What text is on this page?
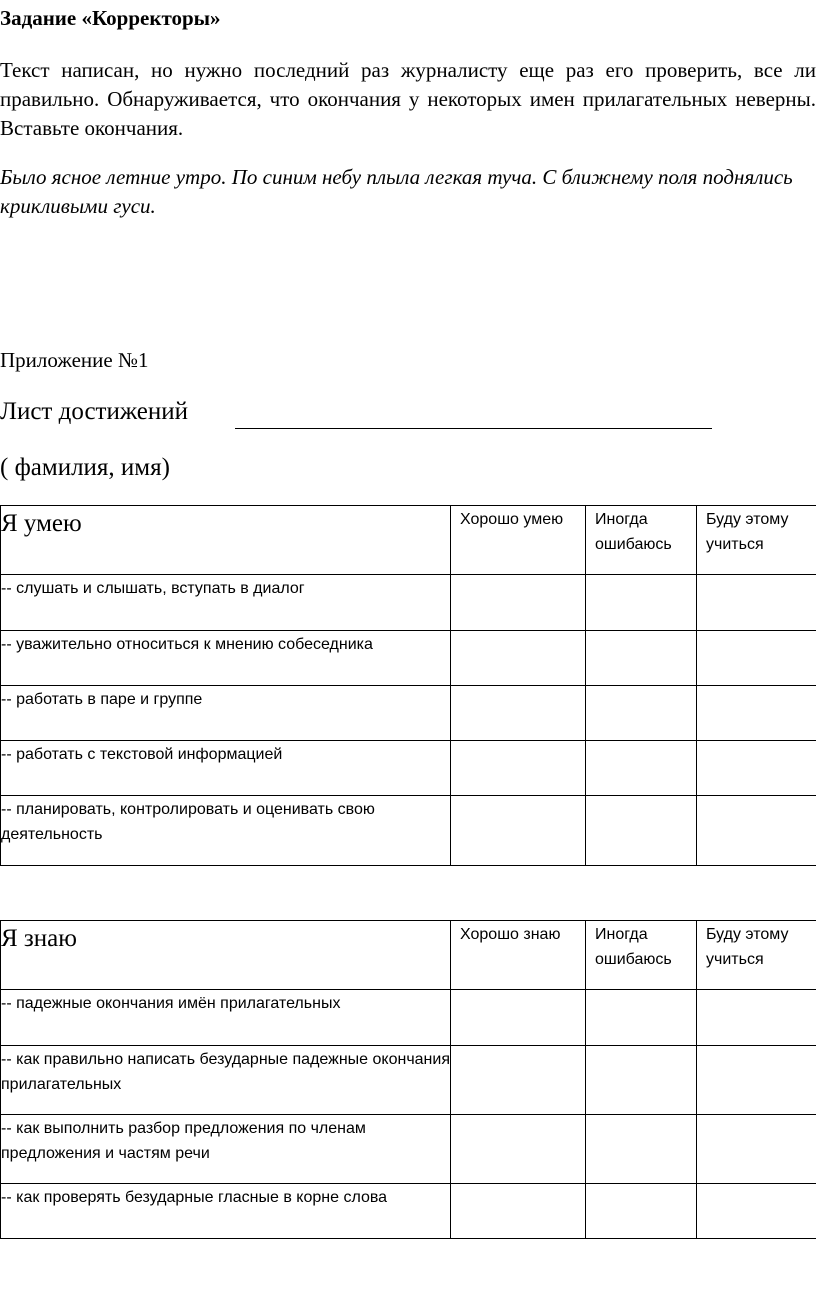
Задание «Корректоры»
Текст написан, но нужно последний раз журналисту еще раз его проверить, все ли правильно. Обнаруживается, что окончания у некоторых имен прилагательных неверны. Вставьте окончания.
Было ясное летние утро. По синим небу плыла легкая туча. С ближнему поля поднялись крикливыми гуси.
Приложение №1
Лист достижений
( фамилия, имя)
Я умею	Хорошо умею	Иногда ошибаюсь	Буду этому учиться
-- слушать и слышать, вступать в диалог			
-- уважительно относиться к мнению собеседника			
-- работать в паре и группе			
-- работать с текстовой информацией			
-- планировать, контролировать и оценивать свою деятельность			
Я знаю	Хорошо знаю	Иногда ошибаюсь	Буду этому учиться
-- падежные окончания имён прилагательных			
-- как правильно написать безударные падежные окончания прилагательных			
-- как выполнить разбор предложения по членам предложения и частям речи			
-- как проверять безударные гласные в корне слова			
